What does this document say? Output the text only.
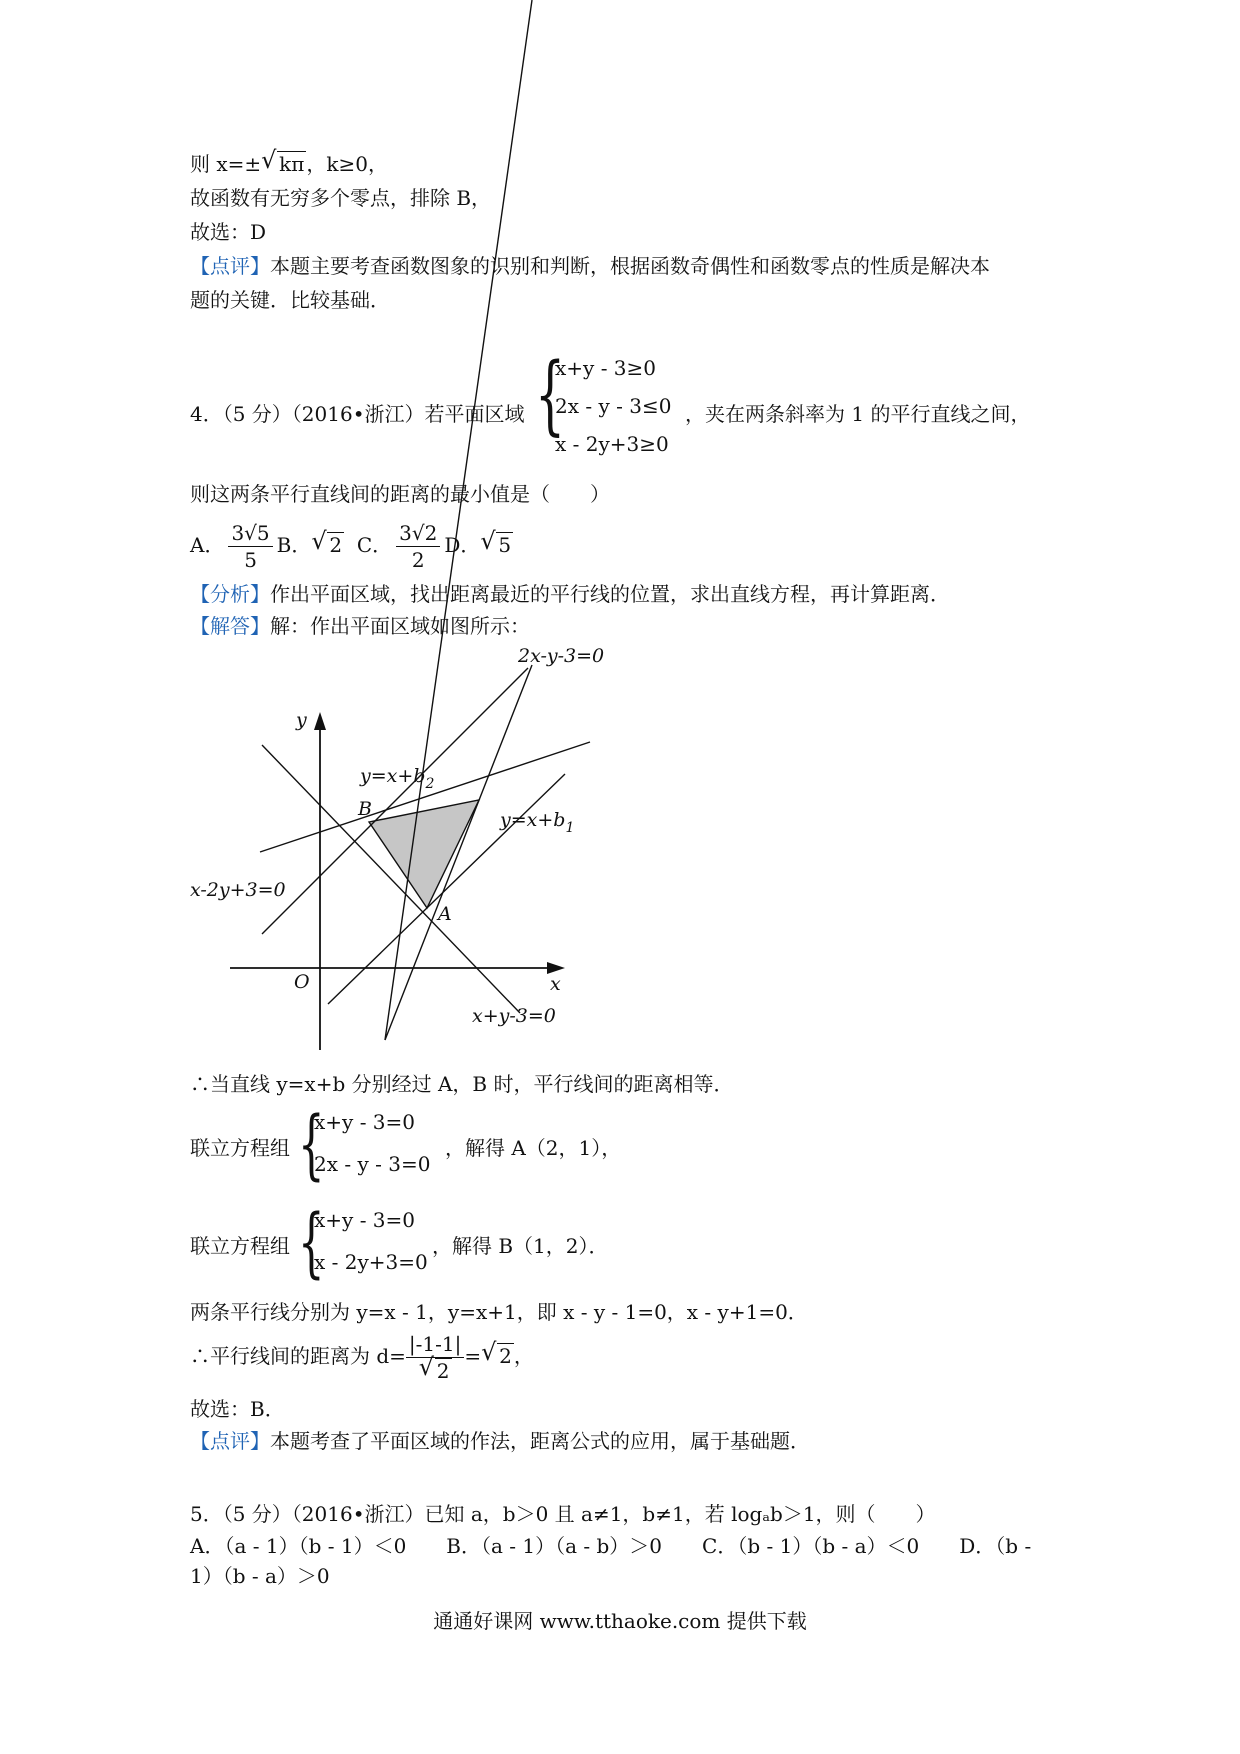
则 x=± √ kπ ，k≥0，
故函数有无穷多个零点，排除 B，
故选：D
【点评】本题主要考查函数图象的识别和判断，根据函数奇偶性和函数零点的性质是解决本
题的关键．比较基础．
4．（5 分）（2016•浙江）若平面区域 {
x+y - 3≥0
2x - y - 3≤0
x - 2y+3≥0
，夹在两条斜率为 1 的平行直线之间，
则这两条平行直线间的距离的最小值是（　　）
A． $\frac{3√5}{5}$ B． √ 2 C． $\frac{3√2}{2}$ D． √ 5
【分析】作出平面区域，找出距离最近的平行线的位置，求出直线方程，再计算距离．
【解答】解：作出平面区域如图所示：
2x-y-3=0
y
$y=x+b_2$
B	$y=x+b_1$
x-2y+3=0
A
O	x
x+y-3=0
∴当直线 y=x+b 分别经过 A，B 时，平行线间的距离相等．
联立方程组 {
x+y - 3=0
2x - y - 3=0
，解得 A（2，1），
联立方程组 {
x+y - 3=0
x - 2y+3=0
，解得 B（1，2）．
两条平行线分别为 y=x - 1，y=x+1，即 x - y - 1=0，x - y+1=0．
∴平行线间的距离为 $d= \frac{|-1-1|}{√ 2}$ = √ 2 ，
故选：B．
【点评】本题考查了平面区域的作法，距离公式的应用，属于基础题．
5．（5 分）（2016•浙江）已知 a，b＞0 且 a≠1，b≠1，若 logₐb＞1，则（　　）
A．（a - 1）（b - 1）＜0　　B．（a - 1）（a - b）＞0　　C．（b - 1）（b - a）＜0　　D．（b -
1）（b - a）＞0
通通好课网 www.tthaoke.com 提供下载
